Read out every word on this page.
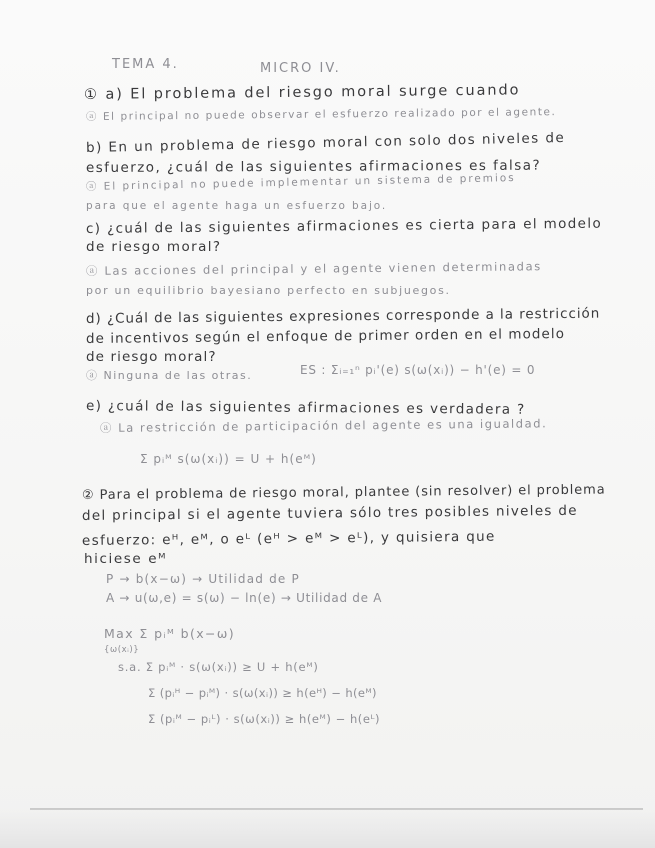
TEMA 4.	MICRO IV.
① a) El problema del riesgo moral surge cuando
ⓐ El principal no puede observar el esfuerzo realizado por el agente.
b) En un problema de riesgo moral con solo dos niveles de
esfuerzo, ¿cuál de las siguientes afirmaciones es falsa?
ⓐ El principal no puede implementar un sistema de premios
para que el agente haga un esfuerzo bajo.
c) ¿cuál de las siguientes afirmaciones es cierta para el modelo
de riesgo moral?
ⓐ Las acciones del principal y el agente vienen determinadas
por un equilibrio bayesiano perfecto en subjuegos.
d) ¿Cuál de las siguientes expresiones corresponde a la restricción
de incentivos según el enfoque de primer orden en el modelo
de riesgo moral?
ⓐ Ninguna de las otras.	ES : Σᵢ₌₁ⁿ pᵢ'(e) s(ω(xᵢ)) − h'(e) = 0
e) ¿cuál de las siguientes afirmaciones es verdadera ?
ⓐ La restricción de participación del agente es una igualdad.
Σ pᵢᴹ s(ω(xᵢ)) = U + h(eᴹ)
② Para el problema de riesgo moral, plantee (sin resolver) el problema
del principal si el agente tuviera sólo tres posibles niveles de
esfuerzo: eᴴ, eᴹ, o eᴸ (eᴴ > eᴹ > eᴸ), y quisiera que
hiciese eᴹ
P → b(x−ω) → Utilidad de P
A → u(ω,e) = s(ω) − ln(e) → Utilidad de A
Max Σ pᵢᴹ b(x−ω)
{ω(xᵢ)}
s.a. Σ pᵢᴹ · s(ω(xᵢ)) ≥ U + h(eᴹ)
Σ (pᵢᴴ − pᵢᴹ) · s(ω(xᵢ)) ≥ h(eᴴ) − h(eᴹ)
Σ (pᵢᴹ − pᵢᴸ) · s(ω(xᵢ)) ≥ h(eᴹ) − h(eᴸ)
